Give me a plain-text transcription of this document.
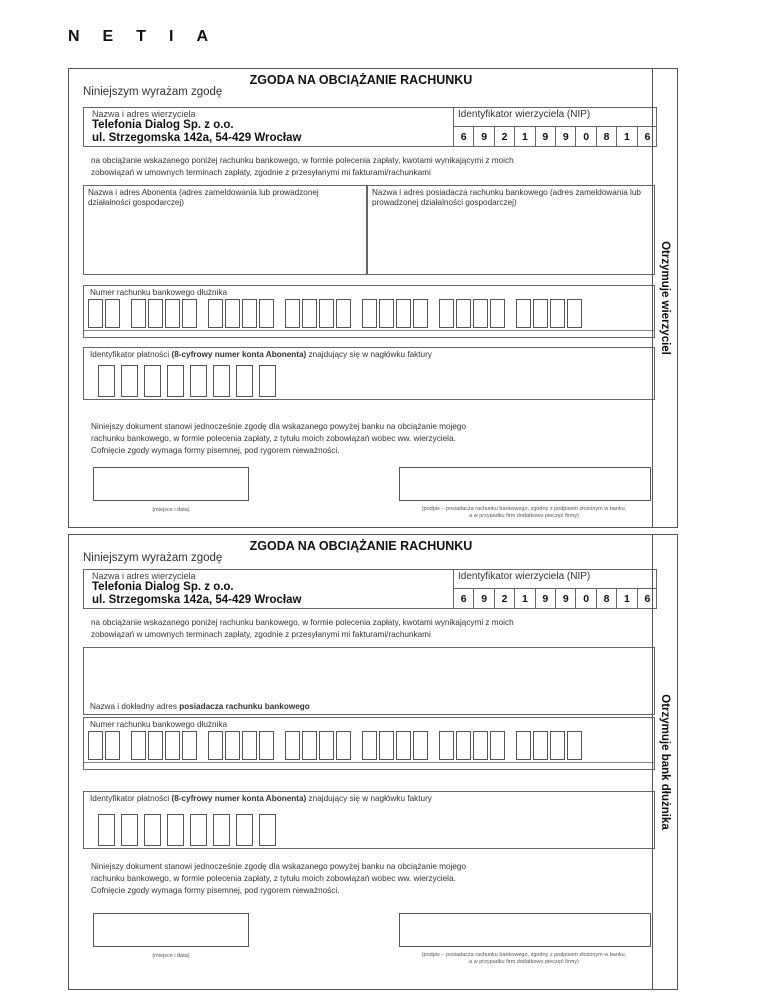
NETIA
ZGODA NA OBCIĄŻANIE RACHUNKU
Niniejszym wyrażam zgodę
Nazwa i adres wierzyciela
Telefonia Dialog Sp. z o.o.
ul. Strzegomska 142a, 54-429 Wrocław
Identyfikator wierzyciela (NIP)
6	9	2	1	9	9	0	8	1	6
na obciążanie wskazanego poniżej rachunku bankowego, w formie polecenia zapłaty, kwotami wynikającymi z moich
zobowiązań w umownych terminach zapłaty, zgodnie z przesyłanymi mi fakturami/rachunkami
Nazwa i adres Abonenta (adres zameldowania lub prowadzonej działalności gospodarczej)
Nazwa i adres posiadacza rachunku bankowego (adres zameldowania lub prowadzonej działalności gospodarczej)
Numer rachunku bankowego dłużnika
Identyfikator płatności (8-cyfrowy numer konta Abonenta) znajdujący się w nagłówku faktury
Niniejszy dokument stanowi jednocześnie zgodę dla wskazanego powyżej banku na obciążanie mojego
rachunku bankowego, w formie polecenia zapłaty, z tytułu moich zobowiązań wobec ww. wierzyciela.
Cofnięcie zgody wymaga formy pisemnej, pod rygorem nieważności.
(miejsce i data)	(podpis – posiadacza rachunku bankowego, zgodny z podpisem złożonym w banku,
a w przypadku firm dodatkowo pieczęć firmy)
Otrzymuje wierzyciel
ZGODA NA OBCIĄŻANIE RACHUNKU
Niniejszym wyrażam zgodę
Nazwa i adres wierzyciela
Telefonia Dialog Sp. z o.o.
ul. Strzegomska 142a, 54-429 Wrocław
Identyfikator wierzyciela (NIP)
6	9	2	1	9	9	0	8	1	6
na obciążanie wskazanego poniżej rachunku bankowego, w formie polecenia zapłaty, kwotami wynikającymi z moich
zobowiązań w umownych terminach zapłaty, zgodnie z przesyłanymi mi fakturami/rachunkami
Nazwa i dokładny adres posiadacza rachunku bankowego
Numer rachunku bankowego dłużnika
Identyfikator płatności (8-cyfrowy numer konta Abonenta) znajdujący się w nagłówku faktury
Niniejszy dokument stanowi jednocześnie zgodę dla wskazanego powyżej banku na obciążanie mojego
rachunku bankowego, w formie polecenia zapłaty, z tytułu moich zobowiązań wobec ww. wierzyciela.
Cofnięcie zgody wymaga formy pisemnej, pod rygorem nieważności.
(miejsce i data)	(podpis – posiadacza rachunku bankowego, zgodny z podpisem złożonym w banku,
a w przypadku firm dodatkowo pieczęć firmy)
Otrzymuje bank dłużnika
